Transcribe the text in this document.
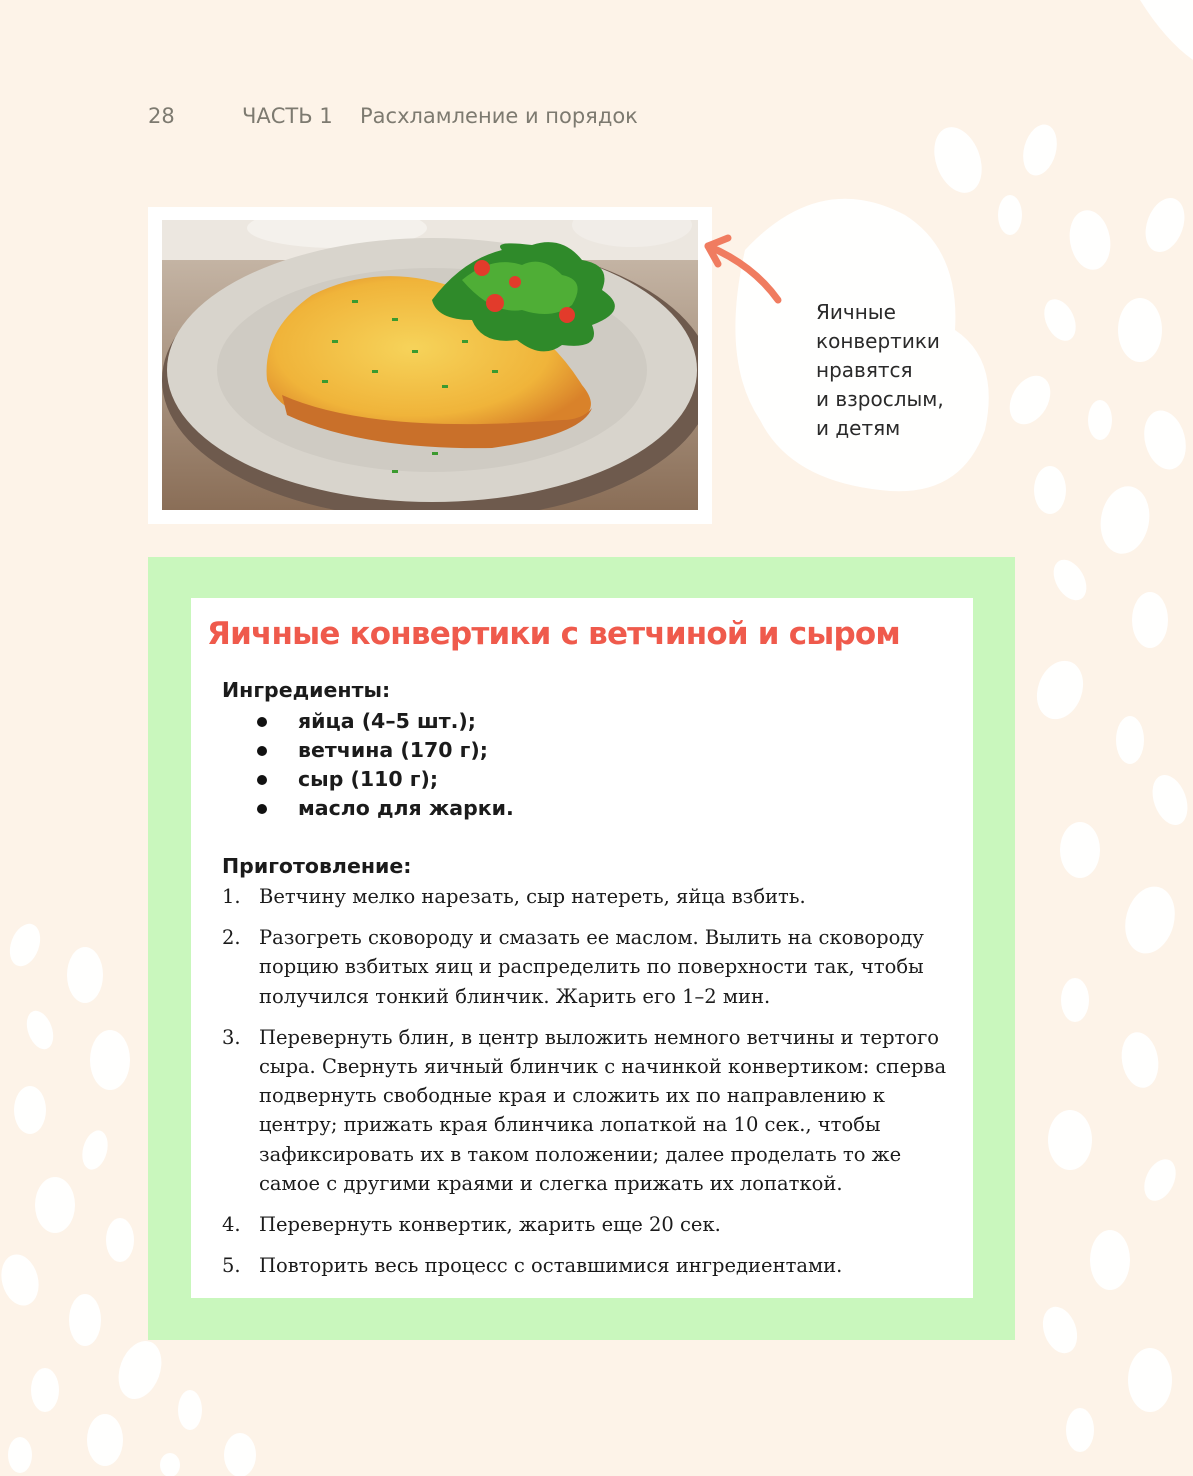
28	ЧАСТЬ 1 Расхламление и порядок
Яичные
конвертики
нравятся
и взрослым,
и детям
Яичные конвертики с ветчиной и сыром
Ингредиенты:
яйца (4–5 шт.);
ветчина (170 г);
сыр (110 г);
масло для жарки.
Приготовление:
1. Ветчину мелко нарезать, сыр натереть, яйца взбить.
2. Разогреть сковороду и смазать ее маслом. Вылить на сковороду порцию взбитых яиц и распределить по поверхности так, чтобы получился тонкий блинчик. Жарить его 1–2 мин.
3. Перевернуть блин, в центр выложить немного ветчины и тертого сыра. Свернуть яичный блинчик с начинкой конвертиком: сперва подвернуть свободные края и сложить их по направлению к центру; прижать края блинчика лопаткой на 10 сек., чтобы зафиксировать их в таком положении; далее проделать то же самое с другими краями и слегка прижать их лопаткой.
4. Перевернуть конвертик, жарить еще 20 сек.
5. Повторить весь процесс с оставшимися ингредиентами.
